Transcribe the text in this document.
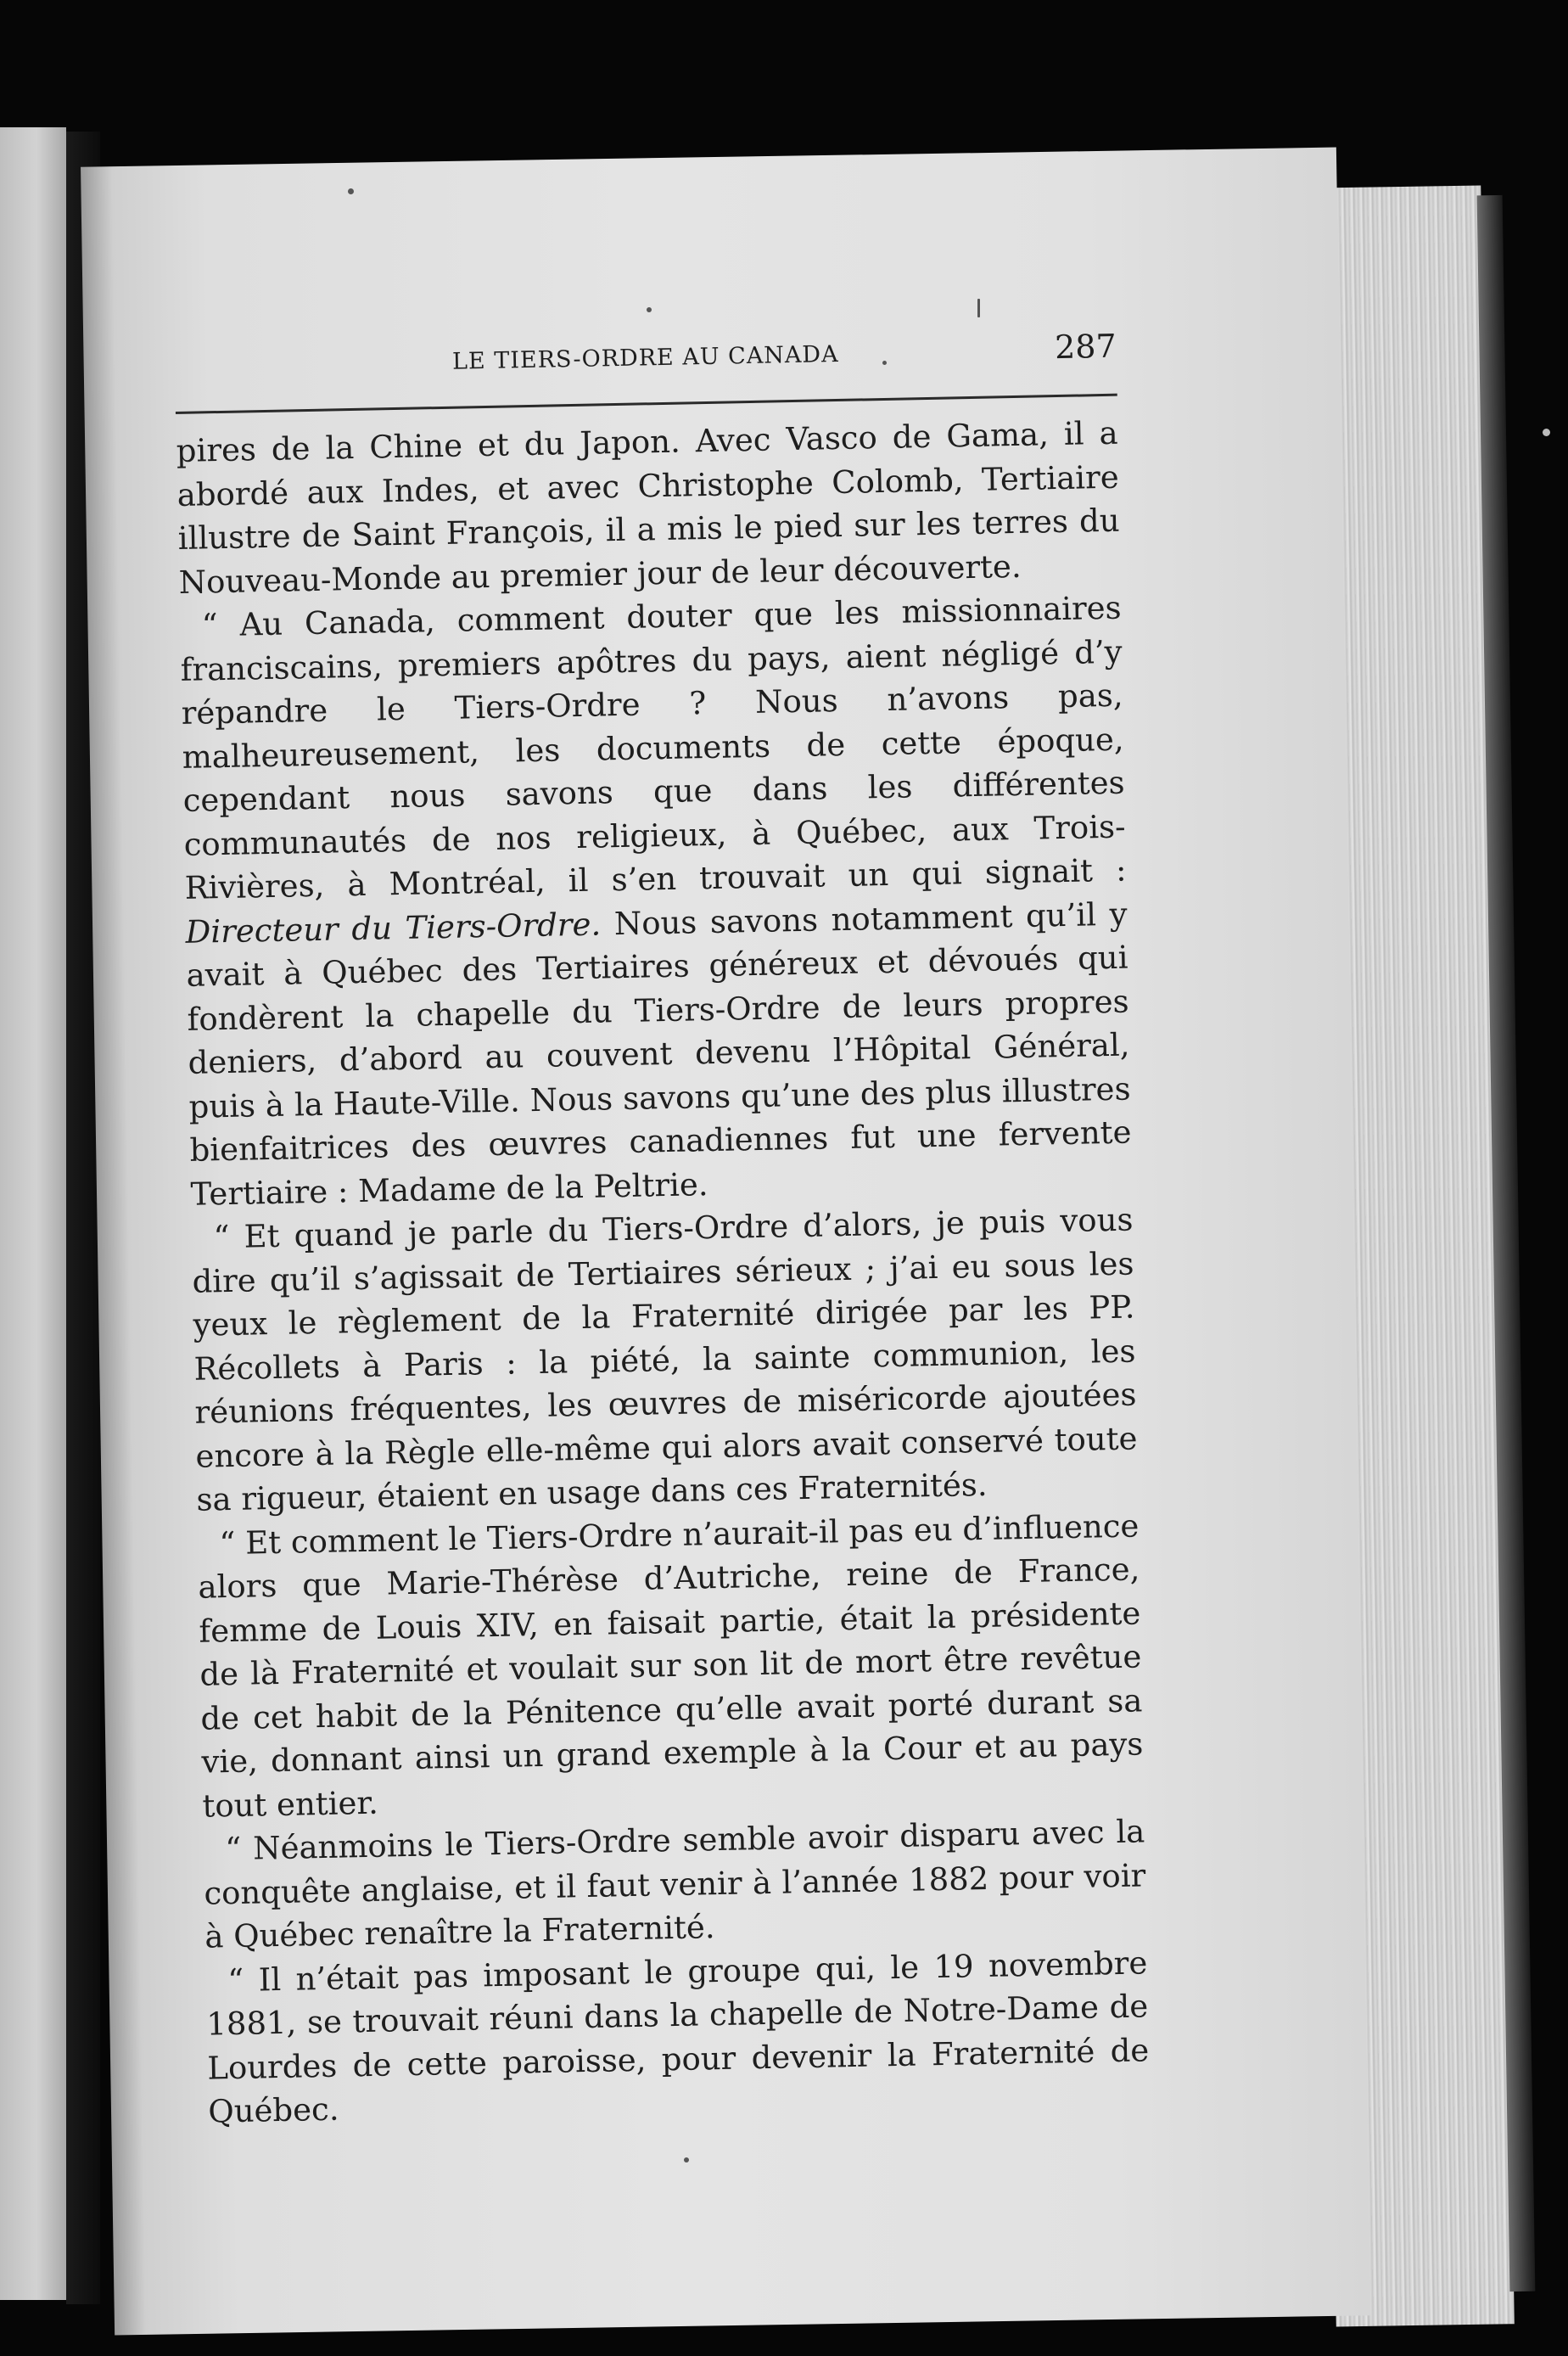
LE TIERS-ORDRE AU CANADA	287

pires de la Chine et du Japon. Avec Vasco de Gama, il a abordé aux Indes, et avec Christophe Colomb, Tertiaire illustre de Saint François, il a mis le pied sur les terres du Nouveau-Monde au premier jour de leur découverte.

“ Au Canada, comment douter que les missionnaires franciscains, premiers apôtres du pays, aient négligé d’y répandre le Tiers-Ordre ? Nous n’avons pas, malheureusement, les documents de cette époque, cependant nous savons que dans les différentes communautés de nos religieux, à Québec, aux Trois-Rivières, à Montréal, il s’en trouvait un qui signait : Directeur du Tiers-Ordre. Nous savons notamment qu’il y avait à Québec des Tertiaires généreux et dévoués qui fondèrent la chapelle du Tiers-Ordre de leurs propres deniers, d’abord au couvent devenu l’Hôpital Général, puis à la Haute-Ville. Nous savons qu’une des plus illustres bienfaitrices des œuvres canadiennes fut une fervente Tertiaire : Madame de la Peltrie.

“ Et quand je parle du Tiers-Ordre d’alors, je puis vous dire qu’il s’agissait de Tertiaires sérieux ; j’ai eu sous les yeux le règlement de la Fraternité dirigée par les PP. Récollets à Paris : la piété, la sainte communion, les réunions fréquentes, les œuvres de miséricorde ajoutées encore à la Règle elle-même qui alors avait conservé toute sa rigueur, étaient en usage dans ces Fraternités.

“ Et comment le Tiers-Ordre n’aurait-il pas eu d’influence alors que Marie-Thérèse d’Autriche, reine de France, femme de Louis XIV, en faisait partie, était la présidente de là Fraternité et voulait sur son lit de mort être revêtue de cet habit de la Pénitence qu’elle avait porté durant sa vie, donnant ainsi un grand exemple à la Cour et au pays tout entier.

“ Néanmoins le Tiers-Ordre semble avoir disparu avec la conquête anglaise, et il faut venir à l’année 1882 pour voir à Québec renaître la Fraternité.

“ Il n’était pas imposant le groupe qui, le 19 novembre 1881, se trouvait réuni dans la chapelle de Notre-Dame de Lourdes de cette paroisse, pour devenir la Fraternité de Québec.
